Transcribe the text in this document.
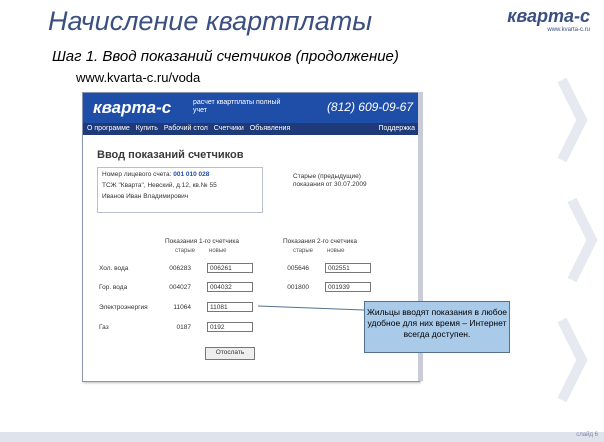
Начисление квартплаты
Шаг 1. Ввод показаний счетчиков (продолжение)
www.kvarta-c.ru/voda
кварта-с
www.kvarta-c.ru
слайд 6
кварта-с	расчет квартплаты полный учет	(812) 609-09-67
О программе Купить Рабочий стол Счетчики Объявления	Поддержка
Ввод показаний счетчиков
Номер лицевого счета: 001 010 028
ТСЖ "Кварта", Невский, д.12, кв.№ 55
Иванов Иван Владимирович
Старые (предыдущие)
показания от 30.07.2009
Показания 1-го счетчика	Показания 2-го счетчика
старые новые	старые новые
Хол. вода	006283	006261	005646	002551
Гор. вода	004027	004032	001800	001939
Электроэнергия	11064	11081
Газ	0187	0192
Отослать
Жильцы вводят показания в любое удобное для них время – Интернет всегда доступен.
